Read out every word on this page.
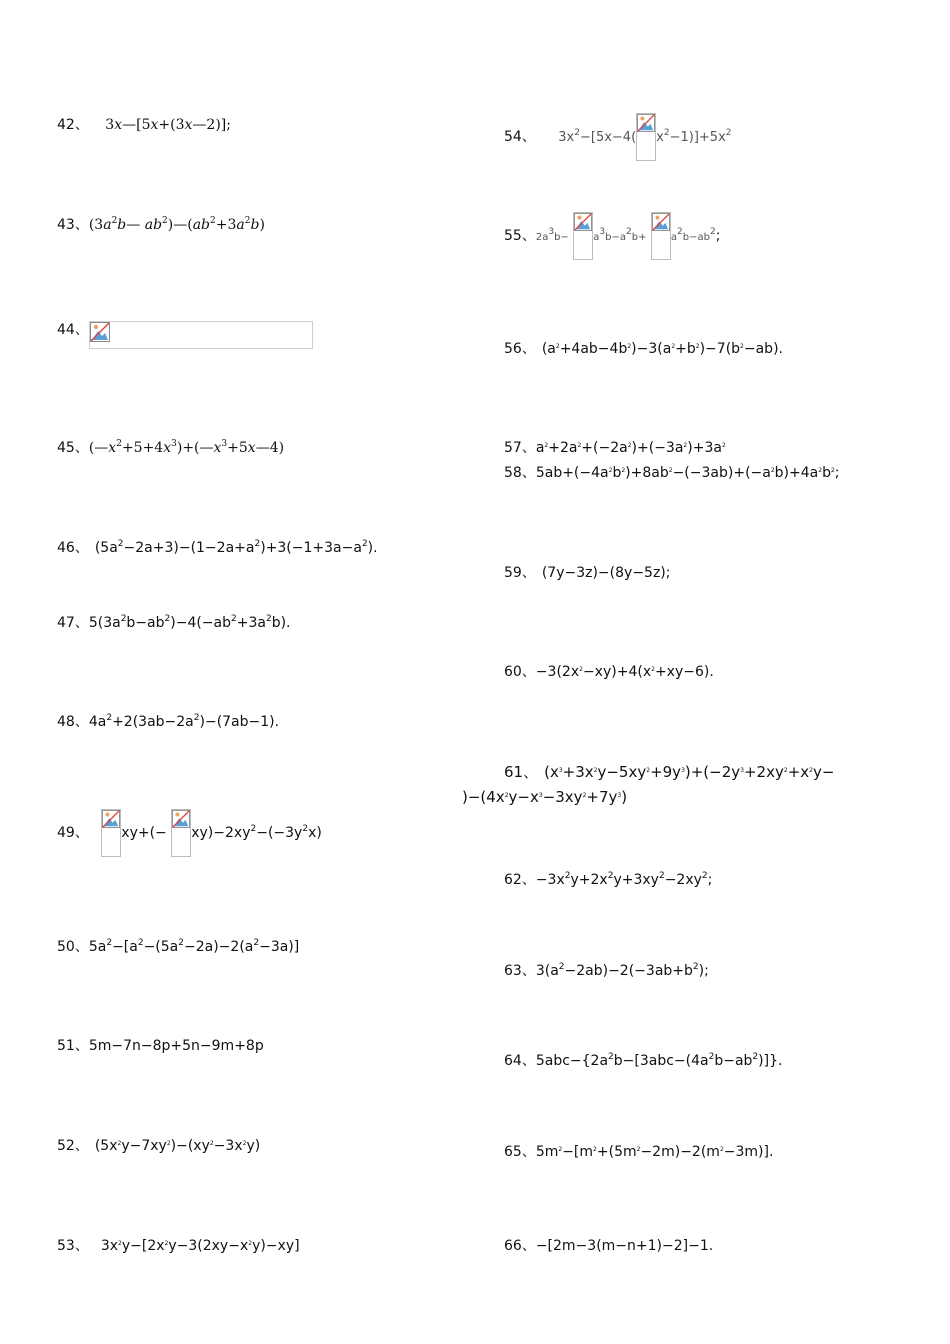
42、 3x—[5x+(3x—2)];
43、($3a^2b—$ $ab^2)—(ab^2+3a^2b)$
44、
45、$(—x^2+5+4x^3)+(—x^3+5x—4)$
46、 $(5a^2-2a+3)-(1-2a+a^2)+3(-1+3a-a^2)$.
47、$5(3a^2b-ab^2)-4(-ab^2+3a^2b)$.
48、$4a^2+2(3ab-2a^2)-(7ab-1)$.
49、 $xy+(- xy)-2xy^2-(-3y^2x)$
50、$5a^2-[a^2-(5a^2-2a)-2(a^2-3a)]$
51、5m−7n−8p+5n−9m+8p
52、 $(5x^2y-7xy^2)-(xy^2-3x^2y)$
53、 $3x^2y-[2x^2y-3(2xy-x^2y)-xy]$
54、 $3x^2-[5x-4$( $x^2-1)]+5x^2$
55、$2a^3b- a^3b-a^2b+ a^2b-ab^2$;
56、 $(a^2+4ab-4b^2)-3(a^2+b^2)-7(b^2-ab)$.
57、$a^2+2a^2+(-2a^2)+(-3a^2)+3a^2$
58、$5ab+(-4a^2b^2)+8ab^2-(-3ab)+(-a^2b)+4a^2b^2$;
59、 (7y−3z)−(8y−5z);
60、$-3(2x^2-xy)+4(x^2+xy-6)$.
61、 $(x^3+3x^2y-5xy^2+9y^3)+(-2y^3+2xy^2+x^2y-$
)$-(4x^2y-x^3-3xy^2+7y^3)$
62、$-3x^2y+2x^2y+3xy^2-2xy^2$;
63、$3(a^2-2ab)-2(-3ab+b^2)$;
64、$5abc-\{2a^2b-[3abc-(4a^2b-ab^2)]\}$.
65、$5m^2-[m^2+(5m^2-2m)-2(m^2-3m)]$.
66、−[2m−3(m−n+1)−2]−1.
